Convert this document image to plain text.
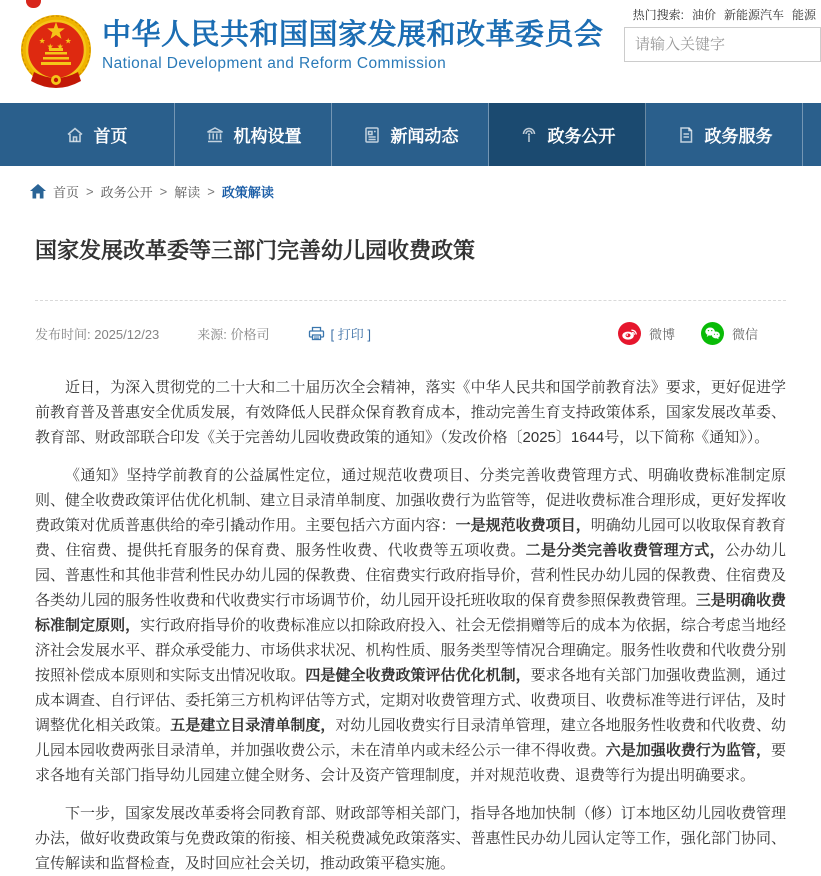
中华人民共和国国家发展和改革委员会
National Development and Reform Commission
热门搜索: 油价 新能源汽车 能源
请输入关键字
首页	机构设置	新闻动态	政务公开	政务服务
首页 > 政务公开 > 解读 > 政策解读
国家发展改革委等三部门完善幼儿园收费政策
发布时间: 2025/12/23	来源: 价格司	[ 打印 ]	微博	微信

近日，为深入贯彻党的二十大和二十届历次全会精神，落实《中华人民共和国学前教育法》要求，更好促进学前教育普及普惠安全优质发展，有效降低人民群众保育教育成本，推动完善生育支持政策体系，国家发展改革委、教育部、财政部联合印发《关于完善幼儿园收费政策的通知》（发改价格〔2025〕1644号，以下简称《通知》）。

《通知》坚持学前教育的公益属性定位，通过规范收费项目、分类完善收费管理方式、明确收费标准制定原则、健全收费政策评估优化机制、建立目录清单制度、加强收费行为监管等，促进收费标准合理形成，更好发挥收费政策对优质普惠供给的牵引撬动作用。主要包括六方面内容：一是规范收费项目，明确幼儿园可以收取保育教育费、住宿费、提供托育服务的保育费、服务性收费、代收费等五项收费。二是分类完善收费管理方式，公办幼儿园、普惠性和其他非营利性民办幼儿园的保教费、住宿费实行政府指导价，营利性民办幼儿园的保教费、住宿费及各类幼儿园的服务性收费和代收费实行市场调节价，幼儿园开设托班收取的保育费参照保教费管理。三是明确收费标准制定原则，实行政府指导价的收费标准应以扣除政府投入、社会无偿捐赠等后的成本为依据，综合考虑当地经济社会发展水平、群众承受能力、市场供求状况、机构性质、服务类型等情况合理确定。服务性收费和代收费分别按照补偿成本原则和实际支出情况收取。四是健全收费政策评估优化机制，要求各地有关部门加强收费监测，通过成本调查、自行评估、委托第三方机构评估等方式，定期对收费管理方式、收费项目、收费标准等进行评估，及时调整优化相关政策。五是建立目录清单制度，对幼儿园收费实行目录清单管理，建立各地服务性收费和代收费、幼儿园本园收费两张目录清单，并加强收费公示，未在清单内或未经公示一律不得收费。六是加强收费行为监管，要求各地有关部门指导幼儿园建立健全财务、会计及资产管理制度，并对规范收费、退费等行为提出明确要求。

下一步，国家发展改革委将会同教育部、财政部等相关部门，指导各地加快制（修）订本地区幼儿园收费管理办法，做好收费政策与免费政策的衔接、相关税费减免政策落实、普惠性民办幼儿园认定等工作，强化部门协同、宣传解读和监督检查，及时回应社会关切，推动政策平稳实施。
